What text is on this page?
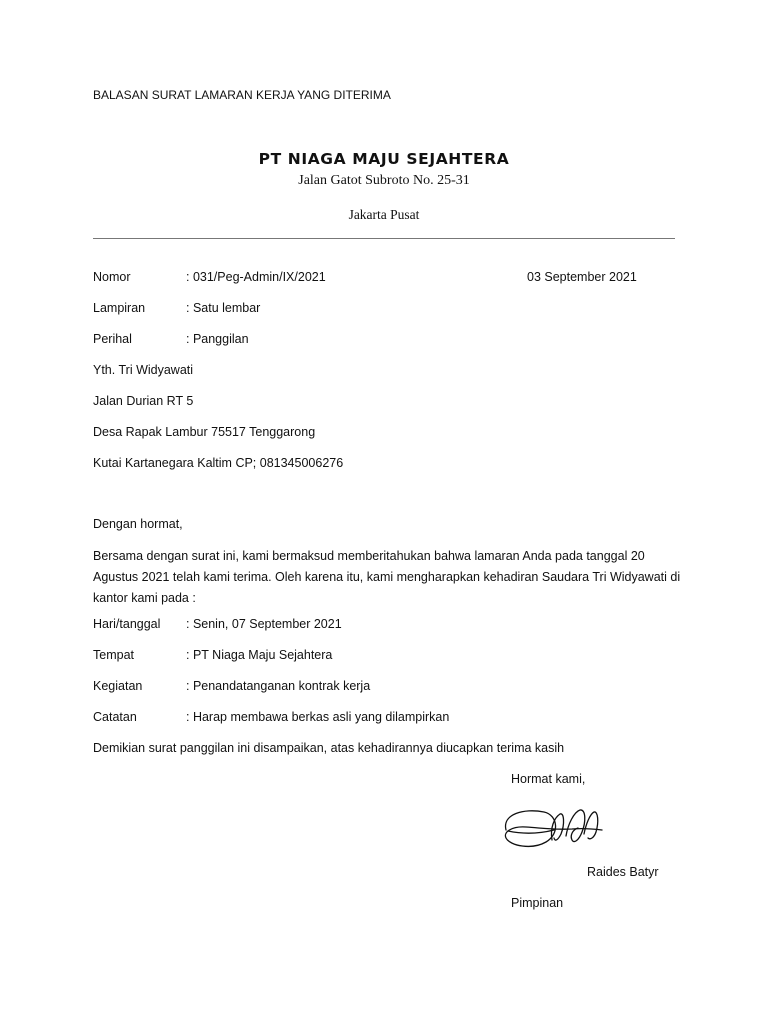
BALASAN SURAT LAMARAN KERJA YANG DITERIMA
PT NIAGA MAJU SEJAHTERA
Jalan Gatot Subroto No. 25-31
Jakarta Pusat
Nomor	: 031/Peg-Admin/IX/2021	03 September 2021
Lampiran	: Satu lembar
Perihal	: Panggilan
Yth. Tri Widyawati
Jalan Durian RT 5
Desa Rapak Lambur 75517 Tenggarong
Kutai Kartanegara Kaltim CP; 081345006276
Dengan hormat,
Bersama dengan surat ini, kami bermaksud memberitahukan bahwa lamaran Anda pada tanggal 20 Agustus 2021 telah kami terima. Oleh karena itu, kami mengharapkan kehadiran Saudara Tri Widyawati di kantor kami pada :
Hari/tanggal : Senin, 07 September 2021
Tempat	: PT Niaga Maju Sejahtera
Kegiatan	: Penandatanganan kontrak kerja
Catatan	: Harap membawa berkas asli yang dilampirkan
Demikian surat panggilan ini disampaikan, atas kehadirannya diucapkan terima kasih
Hormat kami,
Raides Batyr
Pimpinan
